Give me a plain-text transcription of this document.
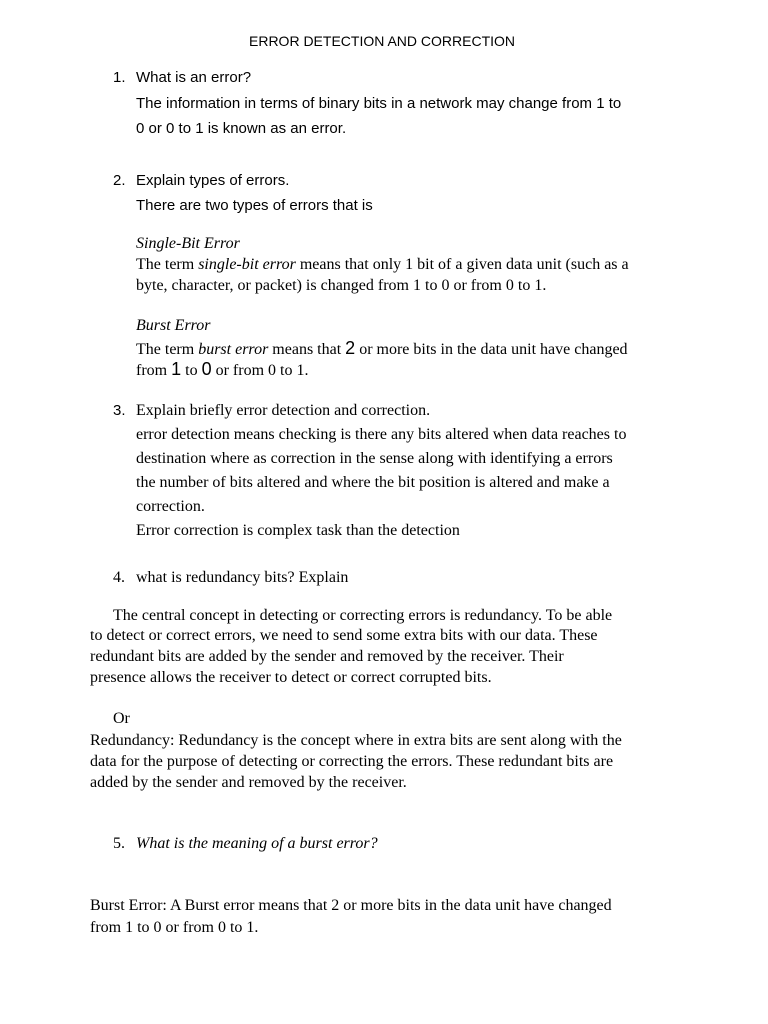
ERROR DETECTION AND CORRECTION
1. What is an error?
The information in terms of binary bits in a network may change from 1 to
0 or 0 to 1 is known as an error.
2. Explain types of errors.
There are two types of errors that is
Single-Bit Error
The term single-bit error means that only 1 bit of a given data unit (such as a
byte, character, or packet) is changed from 1 to 0 or from 0 to 1.
Burst Error
The term burst error means that 2 or more bits in the data unit have changed
from 1 to 0 or from 0 to 1.
3. Explain briefly error detection and correction.
error detection means checking is there any bits altered when data reaches to
destination where as correction in the sense along with identifying a errors
the number of bits altered and where the bit position is altered and make a
correction.
Error correction is complex task than the detection
4. what is redundancy bits? Explain
The central concept in detecting or correcting errors is redundancy. To be able
to detect or correct errors, we need to send some extra bits with our data. These
redundant bits are added by the sender and removed by the receiver. Their
presence allows the receiver to detect or correct corrupted bits.
Or
Redundancy: Redundancy is the concept where in extra bits are sent along with the
data for the purpose of detecting or correcting the errors. These redundant bits are
added by the sender and removed by the receiver.
5. What is the meaning of a burst error?
Burst Error: A Burst error means that 2 or more bits in the data unit have changed
from 1 to 0 or from 0 to 1.
